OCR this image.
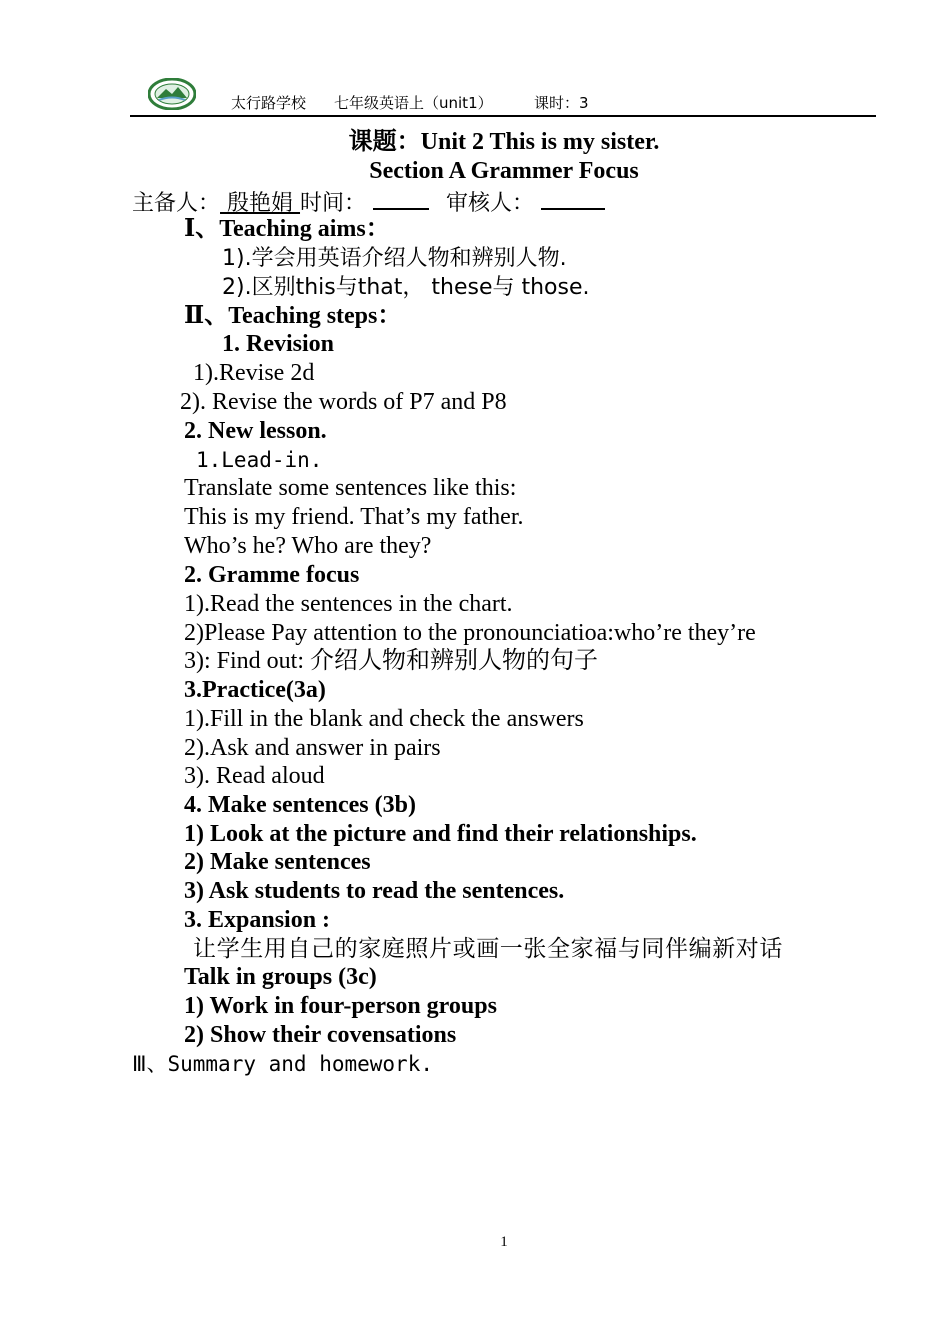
太行路学校 七年级英语上（unit1）	课时：3
课题：Unit 2 This is my sister.
Section A Grammer Focus
主备人： 殷艳娟 时间：	审核人：
Ⅰ、Teaching aims：
1).学会用英语介绍人物和辨别人物.
2).区别this与that， these与 those.
Ⅱ、Teaching steps：
1. Revision
1).Revise 2d
2). Revise the words of P7 and P8
2. New lesson.
1.Lead-in.
Translate some sentences like this:
This is my friend. That’s my father.
Who’s he? Who are they?
2. Gramme focus
1).Read the sentences in the chart.
2)Please Pay attention to the pronounciatioa:who’re they’re
3): Find out: 介绍人物和辨别人物的句子
3.Practice(3a)
1).Fill in the blank and check the answers
2).Ask and answer in pairs
3). Read aloud
4. Make sentences (3b)
1) Look at the picture and find their relationships.
2) Make sentences
3) Ask students to read the sentences.
3. Expansion :
让学生用自己的家庭照片或画一张全家福与同伴编新对话
Talk in groups (3c)
1) Work in four-person groups
2) Show their covensations
Ⅲ、Summary and homework.
1
